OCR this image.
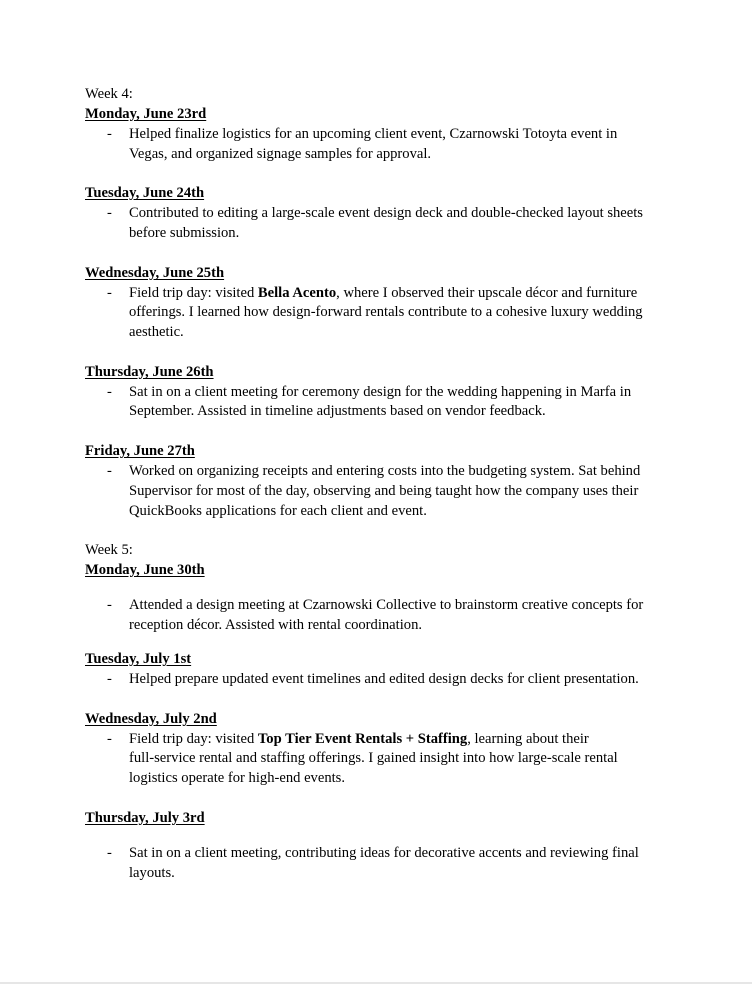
Week 4:
Monday, June 23rd
- Helped finalize logistics for an upcoming client event, Czarnowski Totoyta event in
Vegas, and organized signage samples for approval.
Tuesday, June 24th
- Contributed to editing a large-scale event design deck and double-checked layout sheets
before submission.
Wednesday, June 25th
- Field trip day: visited Bella Acento, where I observed their upscale décor and furniture
offerings. I learned how design-forward rentals contribute to a cohesive luxury wedding
aesthetic.
Thursday, June 26th
- Sat in on a client meeting for ceremony design for the wedding happening in Marfa in
September. Assisted in timeline adjustments based on vendor feedback.
Friday, June 27th
- Worked on organizing receipts and entering costs into the budgeting system. Sat behind
Supervisor for most of the day, observing and being taught how the company uses their
QuickBooks applications for each client and event.
Week 5:
Monday, June 30th
- Attended a design meeting at Czarnowski Collective to brainstorm creative concepts for
reception décor. Assisted with rental coordination.
Tuesday, July 1st
- Helped prepare updated event timelines and edited design decks for client presentation.
Wednesday, July 2nd
- Field trip day: visited Top Tier Event Rentals + Staffing, learning about their
full-service rental and staffing offerings. I gained insight into how large-scale rental
logistics operate for high-end events.
Thursday, July 3rd
- Sat in on a client meeting, contributing ideas for decorative accents and reviewing final
layouts.
